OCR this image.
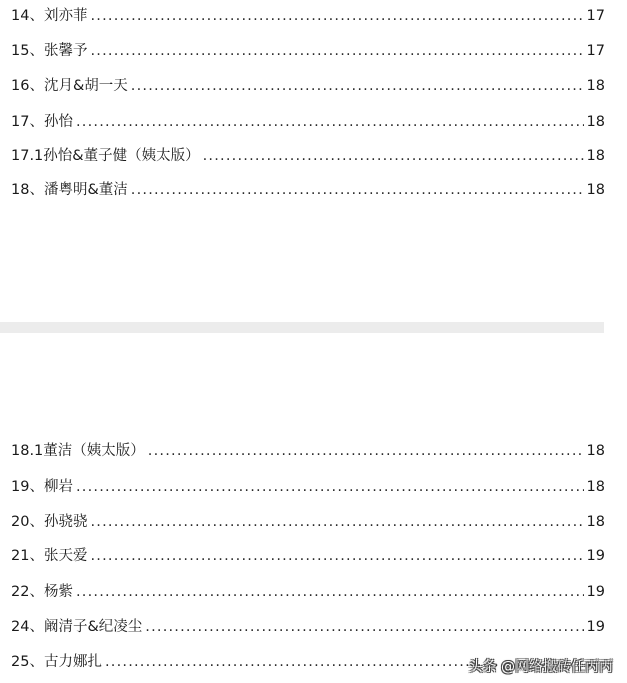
14、刘亦菲 .....	17
15、张馨予 .....	17
16、沈月&胡一天 .....	18
17、孙怡 .....	18
17.1孙怡&董子健（姨太版） .....	18
18、潘粤明&董洁 .....	18
18.1董洁（姨太版） .....	18
19、柳岩 .....	18
20、孙骁骁 .....	18
21、张天爱 .....	19
22、杨紫 .....	19
24、阚清子&纪凌尘 .....	19
25、古力娜扎 .....	头条 @网络搬砖任丙丙
